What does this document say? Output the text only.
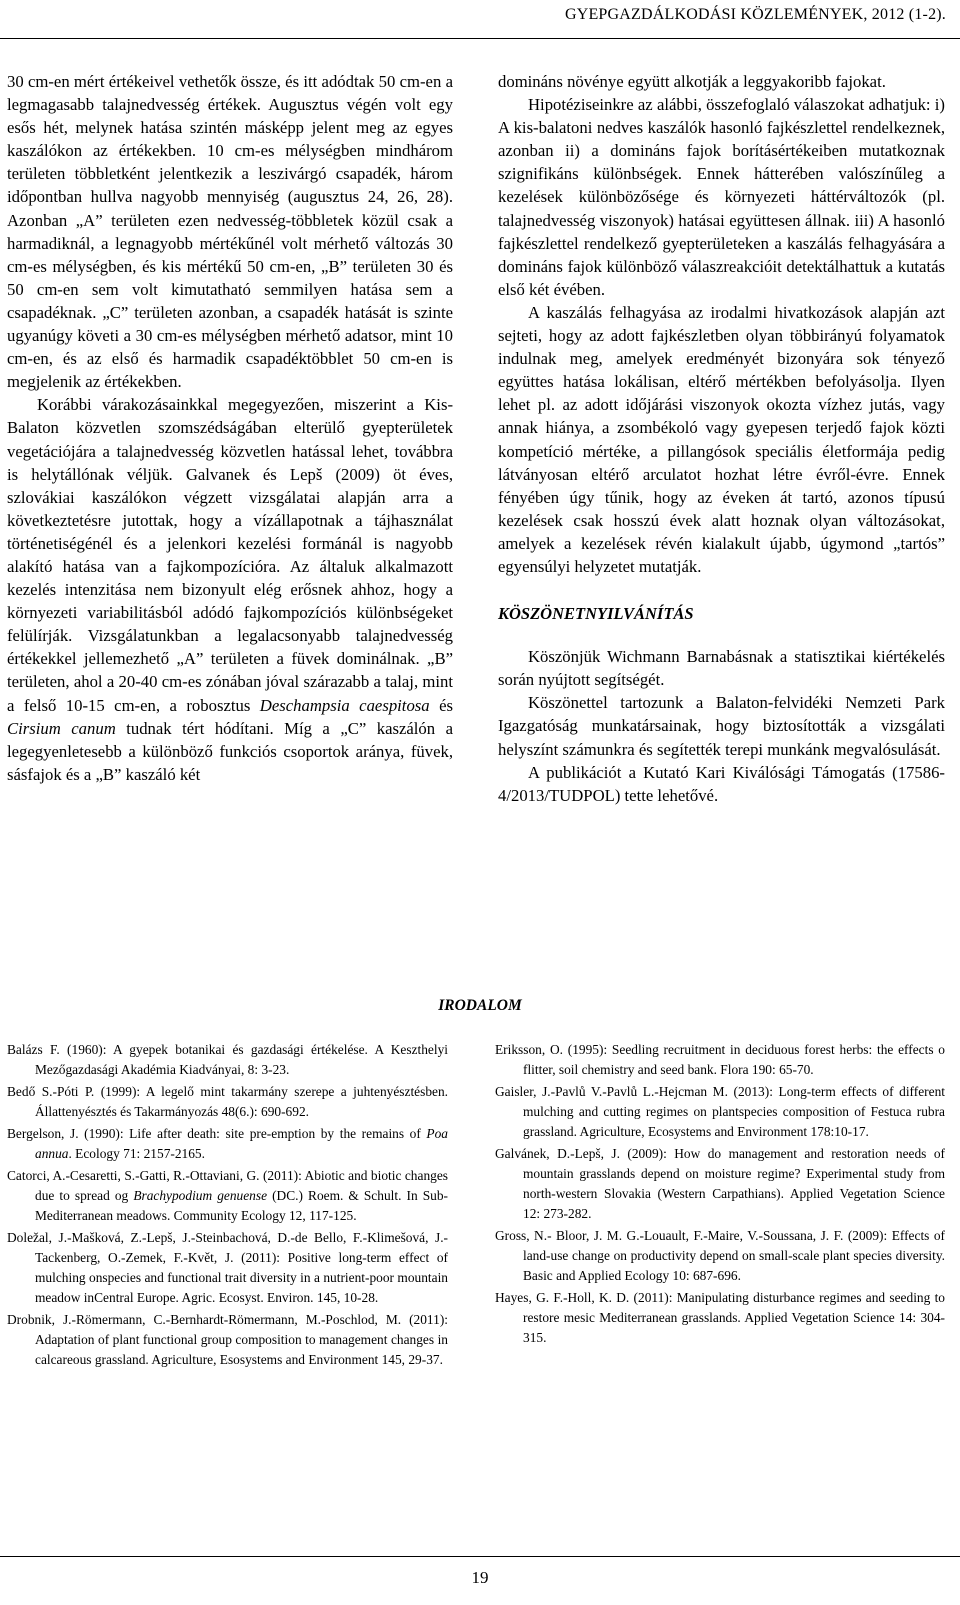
GYEPGAZDÁLKODÁSI KÖZLEMÉNYEK, 2012 (1-2).

30 cm-en mért értékeivel vethetők össze, és itt adódtak 50 cm-en a legmagasabb talajnedvesség értékek. Augusztus végén volt egy esős hét, melynek hatása szintén másképp jelent meg az egyes kaszálókon az értékekben. 10 cm-es mélységben mindhárom területen többletként jelentkezik a leszivárgó csapadék, három időpontban hullva nagyobb mennyiség (augusztus 24, 26, 28). Azonban „A” területen ezen nedvesség-többletek közül csak a harmadiknál, a legnagyobb mértékűnél volt mérhető változás 30 cm-es mélységben, és kis mértékű 50 cm-en, „B” területen 30 és 50 cm-en sem volt kimutatható semmilyen hatása sem a csapadéknak. „C” területen azonban, a csapadék hatását is szinte ugyanúgy követi a 30 cm-es mélységben mérhető adatsor, mint 10 cm-en, és az első és harmadik csapadéktöbblet 50 cm-en is megjelenik az értékekben.

Korábbi várakozásainkkal megegyezően, miszerint a Kis-Balaton közvetlen szomszédságában elterülő gyepterületek vegetációjára a talajnedvesség közvetlen hatással lehet, továbbra is helytállónak véljük. Galvanek és Lepš (2009) öt éves, szlovákiai kaszálókon végzett vizsgálatai alapján arra a következtetésre jutottak, hogy a vízállapotnak a tájhasználat történetiségénél és a jelenkori kezelési formánál is nagyobb alakító hatása van a fajkompozícióra. Az általuk alkalmazott kezelés intenzitása nem bizonyult elég erősnek ahhoz, hogy a környezeti variabilitásból adódó fajkompozíciós különbségeket felülírják. Vizsgálatunkban a legalacsonyabb talajnedvesség értékekkel jellemezhető „A” területen a füvek dominálnak. „B” területen, ahol a 20-40 cm-es zónában jóval szárazabb a talaj, mint a felső 10-15 cm-en, a robosztus Deschampsia caespitosa és Cirsium canum tudnak tért hódítani. Míg a „C” kaszálón a legegyenletesebb a különböző funkciós csoportok aránya, füvek, sásfajok és a „B” kaszáló két

domináns növénye együtt alkotják a leggyakoribb fajokat.

Hipotéziseinkre az alábbi, összefoglaló válaszokat adhatjuk: i) A kis-balatoni nedves kaszálók hasonló fajkészlettel rendelkeznek, azonban ii) a domináns fajok borításértékeiben mutatkoznak szignifikáns különbségek. Ennek hátterében valószínűleg a kezelések különbözősége és környezeti háttérváltozók (pl. talajnedvesség viszonyok) hatásai együttesen állnak. iii) A hasonló fajkészlettel rendelkező gyepterületeken a kaszálás felhagyására a domináns fajok különböző válaszreakcióit detektálhattuk a kutatás első két évében.

A kaszálás felhagyása az irodalmi hivatkozások alapján azt sejteti, hogy az adott fajkészletben olyan többirányú folyamatok indulnak meg, amelyek eredményét bizonyára sok tényező együttes hatása lokálisan, eltérő mértékben befolyásolja. Ilyen lehet pl. az adott időjárási viszonyok okozta vízhez jutás, vagy annak hiánya, a zsombékoló vagy gyepesen terjedő fajok közti kompetíció mértéke, a pillangósok speciális életformája pedig látványosan eltérő arculatot hozhat létre évről-évre. Ennek fényében úgy tűnik, hogy az éveken át tartó, azonos típusú kezelések csak hosszú évek alatt hoznak olyan változásokat, amelyek a kezelések révén kialakult újabb, úgymond „tartós” egyensúlyi helyzetet mutatják.

KÖSZÖNETNYILVÁNÍTÁS

Köszönjük Wichmann Barnabásnak a statisztikai kiértékelés során nyújtott segítségét.

Köszönettel tartozunk a Balaton-felvidéki Nemzeti Park Igazgatóság munkatársainak, hogy biztosították a vizsgálati helyszínt számunkra és segítették terepi munkánk megvalósulását.

A publikációt a Kutató Kari Kiválósági Támogatás (17586-4/2013/TUDPOL) tette lehetővé.

IRODALOM

Balázs F. (1960): A gyepek botanikai és gazdasági értékelése. A Keszthelyi Mezőgazdasági Akadémia Kiadványai, 8: 3-23.

Bedő S.-Póti P. (1999): A legelő mint takarmány szerepe a juhtenyésztésben. Állattenyésztés és Takarmányozás 48(6.): 690-692.

Bergelson, J. (1990): Life after death: site pre-emption by the remains of Poa annua. Ecology 71: 2157-2165.

Catorci, A.-Cesaretti, S.-Gatti, R.-Ottaviani, G. (2011): Abiotic and biotic changes due to spread og Brachypodium genuense (DC.) Roem. & Schult. In Sub-Mediterranean meadows. Community Ecology 12, 117-125.

Doležal, J.-Mašková, Z.-Lepš, J.-Steinbachová, D.-de Bello, F.-Klimešová, J.-Tackenberg, O.-Zemek, F.-Květ, J. (2011): Positive long-term effect of mulching onspecies and functional trait diversity in a nutrient-poor mountain meadow inCentral Europe. Agric. Ecosyst. Environ. 145, 10-28.

Drobnik, J.-Römermann, C.-Bernhardt-Römermann, M.-Poschlod, M. (2011): Adaptation of plant functional group composition to management changes in calcareous grassland. Agriculture, Esosystems and Environment 145, 29-37.

Eriksson, O. (1995): Seedling recruitment in deciduous forest herbs: the effects o flitter, soil chemistry and seed bank. Flora 190: 65-70.

Gaisler, J.-Pavlů V.-Pavlů L.-Hejcman M. (2013): Long-term effects of different mulching and cutting regimes on plantspecies composition of Festuca rubra grassland. Agriculture, Ecosystems and Environment 178:10-17.

Galvánek, D.-Lepš, J. (2009): How do management and restoration needs of mountain grasslands depend on moisture regime? Experimental study from north-western Slovakia (Western Carpathians). Applied Vegetation Science 12: 273-282.

Gross, N.- Bloor, J. M. G.-Louault, F.-Maire, V.-Soussana, J. F. (2009): Effects of land-use change on productivity depend on small-scale plant species diversity. Basic and Applied Ecology 10: 687-696.

Hayes, G. F.-Holl, K. D. (2011): Manipulating disturbance regimes and seeding to restore mesic Mediterranean grasslands. Applied Vegetation Science 14: 304-315.

19
